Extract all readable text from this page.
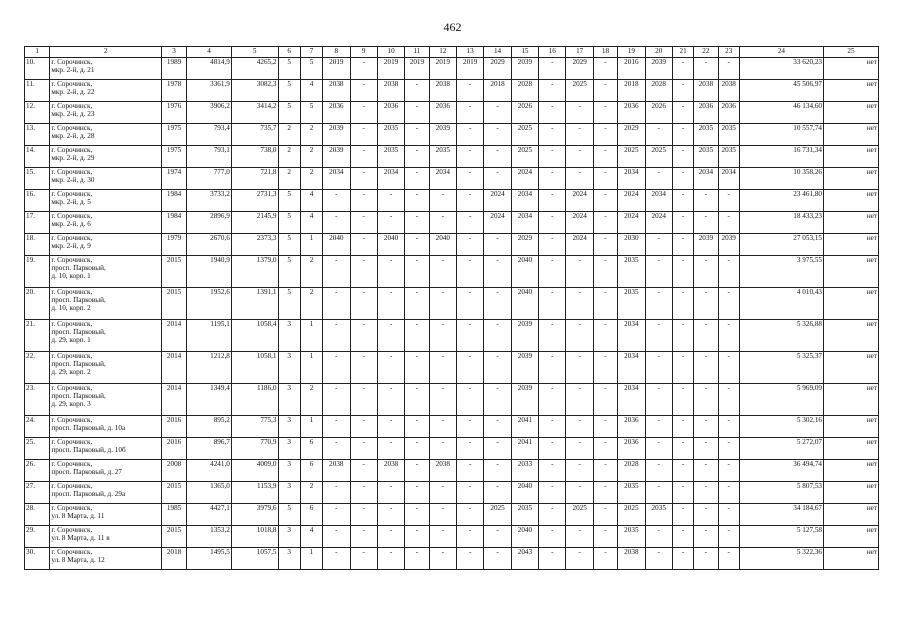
462
1	2	3	4	5	6	7	8	9	10	11	12	13	14	15	16	17	18	19	20	21	22	23	24	25
10.	г. Сорочинск,
мкр. 2-й, д. 21	1989	4814,9	4265,2	5	5	2019	-	2019	2019	2019	2019	2029	2039	-	2029	-	2016	2039	-	-	-	33 620,23	нет
11.	г. Сорочинск,
мкр. 2-й, д. 22	1978	3361,9	3082,3	5	4	2038	-	2038	-	2038	-	2018	2028	-	2025	-	2018	2028	-	2038	2038	45 506,97	нет
12.	г. Сорочинск,
мкр. 2-й, д. 23	1976	3906,2	3414,2	5	5	2036	-	2036	-	2036	-	-	2026	-	-	-	2036	2026	-	2036	2036	46 134,60	нет
13.	г. Сорочинск,
мкр. 2-й, д. 28	1975	793,4	735,7	2	2	2039	-	2035	-	2039	-	-	2025	-	-	-	2029	-	-	2035	2035	10 557,74	нет
14.	г. Сорочинск,
мкр. 2-й, д. 29	1975	793,1	738,0	2	2	2039	-	2035	-	2035	-	-	2025	-	-	-	2025	2025	-	2035	2035	16 731,34	нет
15.	г. Сорочинск,
мкр. 2-й, д. 30	1974	777,0	721,8	2	2	2034	-	2034	-	2034	-	-	2024	-	-	-	2034	-	-	2034	2034	10 358,26	нет
16.	г. Сорочинск,
мкр. 2-й, д. 5	1984	3733,2	2731,3	5	4	-	-	-	-	-	-	2024	2034	-	2024	-	2024	2034	-	-	-	23 461,80	нет
17.	г. Сорочинск,
мкр. 2-й, д. 6	1984	2896,9	2145,9	5	4	-	-	-	-	-	-	2024	2034	-	2024	-	2024	2024	-	-	-	18 433,23	нет
18.	г. Сорочинск,
мкр. 2-й, д. 9	1979	2670,6	2373,3	5	1	2040	-	2040	-	2040	-	-	2029	-	2024	-	2030	-	-	2039	2039	27 053,15	нет
19.	г. Сорочинск,
просп. Парковый,
д. 10, корп. 1	2015	1940,9	1379,0	5	2	-	-	-	-	-	-	-	2040	-	-	-	2035	-	-	-	-	3 975,55	нет
20.	г. Сорочинск,
просп. Парковый,
д. 10, корп. 2	2015	1952,6	1391,1	5	2	-	-	-	-	-	-	-	2040	-	-	-	2035	-	-	-	-	4 010,43	нет
21.	г. Сорочинск,
просп. Парковый,
д. 29, корп. 1	2014	1195,1	1058,4	3	1	-	-	-	-	-	-	-	2039	-	-	-	2034	-	-	-	-	5 326,88	нет
22.	г. Сорочинск,
просп. Парковый,
д. 29, корп. 2	2014	1212,8	1058,1	3	1	-	-	-	-	-	-	-	2039	-	-	-	2034	-	-	-	-	5 325,37	нет
23.	г. Сорочинск,
просп. Парковый,
д. 29, корп. 3	2014	1349,4	1186,0	3	2	-	-	-	-	-	-	-	2039	-	-	-	2034	-	-	-	-	5 969,09	нет
24.	г. Сорочинск,
просп. Парковый, д. 10а	2016	895,2	775,3	3	1	-	-	-	-	-	-	-	2041	-	-	-	2036	-	-	-	-	5 302,16	нет
25.	г. Сорочинск,
просп. Парковый, д. 10б	2016	896,7	770,9	3	6	-	-	-	-	-	-	-	2041	-	-	-	2036	-	-	-	-	5 272,07	нет
26.	г. Сорочинск,
просп. Парковый, д. 27	2008	4241,0	4009,0	3	6	2038	-	2038	-	2038	-	-	2033	-	-	-	2028	-	-	-	-	36 494,74	нет
27.	г. Сорочинск,
просп. Парковый, д. 29а	2015	1365,0	1153,9	3	2	-	-	-	-	-	-	-	2040	-	-	-	2035	-	-	-	-	5 807,53	нет
28.	г. Сорочинск,
ул. 8 Марта, д. 11	1985	4427,1	3979,6	5	6	-	-	-	-	-	-	2025	2035	-	2025	-	2025	2035	-	-	-	34 184,67	нет
29.	г. Сорочинск,
ул. 8 Марта, д. 11 в	2015	1353,2	1018,8	3	4	-	-	-	-	-	-	-	2040	-	-	-	2035	-	-	-	-	5 127,58	нет
30.	г. Сорочинск,
ул. 8 Марта, д. 12	2018	1495,5	1057,5	3	1	-	-	-	-	-	-	-	2043	-	-	-	2038	-	-	-	-	5 322,36	нет
